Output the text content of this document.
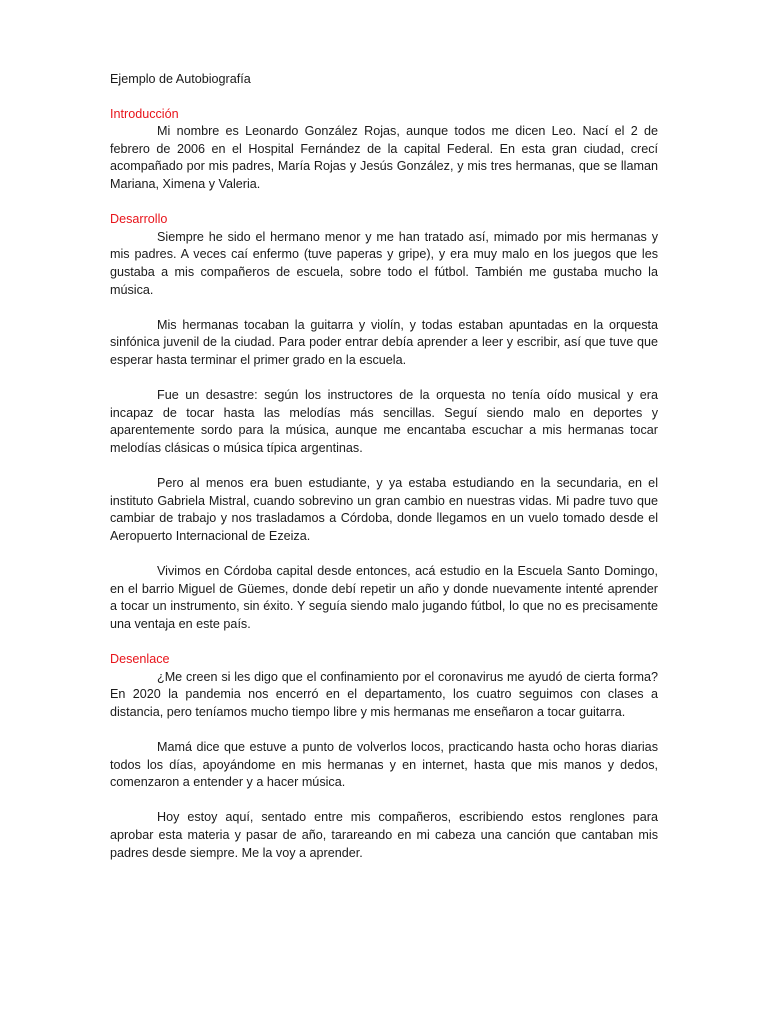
Ejemplo de Autobiografía
Introducción

Mi nombre es Leonardo González Rojas, aunque todos me dicen Leo. Nací el 2 de febrero de 2006 en el Hospital Fernández de la capital Federal. En esta gran ciudad, crecí acompañado por mis padres, María Rojas y Jesús González, y mis tres hermanas, que se llaman Mariana, Ximena y Valeria.

Desarrollo

Siempre he sido el hermano menor y me han tratado así, mimado por mis hermanas y mis padres. A veces caí enfermo (tuve paperas y gripe), y era muy malo en los juegos que les gustaba a mis compañeros de escuela, sobre todo el fútbol. También me gustaba mucho la música.

Mis hermanas tocaban la guitarra y violín, y todas estaban apuntadas en la orquesta sinfónica juvenil de la ciudad. Para poder entrar debía aprender a leer y escribir, así que tuve que esperar hasta terminar el primer grado en la escuela.

Fue un desastre: según los instructores de la orquesta no tenía oído musical y era incapaz de tocar hasta las melodías más sencillas. Seguí siendo malo en deportes y aparentemente sordo para la música, aunque me encantaba escuchar a mis hermanas tocar melodías clásicas o música típica argentinas.

Pero al menos era buen estudiante, y ya estaba estudiando en la secundaria, en el instituto Gabriela Mistral, cuando sobrevino un gran cambio en nuestras vidas. Mi padre tuvo que cambiar de trabajo y nos trasladamos a Córdoba, donde llegamos en un vuelo tomado desde el Aeropuerto Internacional de Ezeiza.

Vivimos en Córdoba capital desde entonces, acá estudio en la Escuela Santo Domingo, en el barrio Miguel de Güemes, donde debí repetir un año y donde nuevamente intenté aprender a tocar un instrumento, sin éxito. Y seguía siendo malo jugando fútbol, lo que no es precisamente una ventaja en este país.

Desenlace

¿Me creen si les digo que el confinamiento por el coronavirus me ayudó de cierta forma? En 2020 la pandemia nos encerró en el departamento, los cuatro seguimos con clases a distancia, pero teníamos mucho tiempo libre y mis hermanas me enseñaron a tocar guitarra.

Mamá dice que estuve a punto de volverlos locos, practicando hasta ocho horas diarias todos los días, apoyándome en mis hermanas y en internet, hasta que mis manos y dedos, comenzaron a entender y a hacer música.

Hoy estoy aquí, sentado entre mis compañeros, escribiendo estos renglones para aprobar esta materia y pasar de año, tarareando en mi cabeza una canción que cantaban mis padres desde siempre. Me la voy a aprender.
